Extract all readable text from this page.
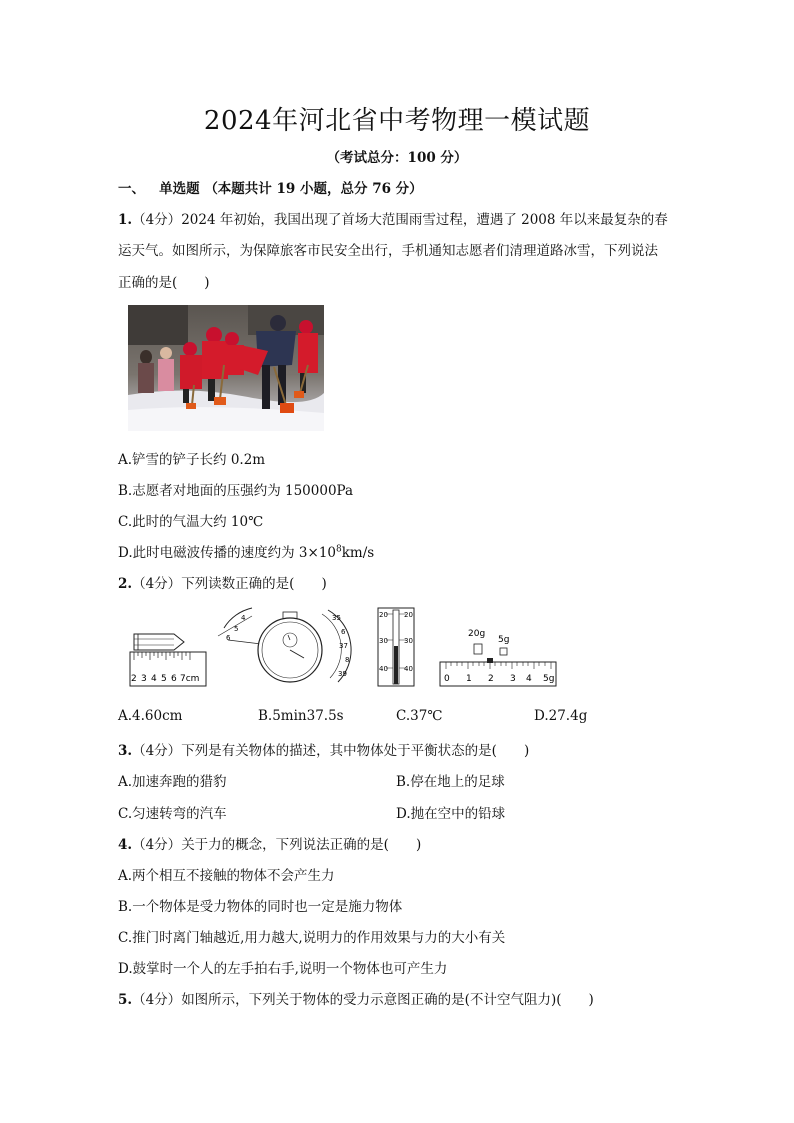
2024年河北省中考物理一模试题
（考试总分：100 分）
一、 单选题 （本题共计 19 小题，总分 76 分）
1.（4分）2024 年初始，我国出现了首场大范围雨雪过程，遭遇了 2008 年以来最复杂的春
运天气。如图所示，为保障旅客市民安全出行，手机通知志愿者们清理道路冰雪，下列说法
正确的是(　　)
A.铲雪的铲子长约 0.2m
B.志愿者对地面的压强约为 150000Pa
C.此时的气温大约 10℃
D.此时电磁波传播的速度约为 $3\times 10^8km/s$
2.（4分）下列读数正确的是(　　)
2 3 4 5 6 7cm
4
5
6
35
6
37
8
39
20
30
40
20
30
40
20g
5g
0 1 2 3 4 5g
A.4.60cm	B.5min37.5s	C.37℃	D.27.4g
3.（4分）下列是有关物体的描述，其中物体处于平衡状态的是(　　)
A.加速奔跑的猎豹	B.停在地上的足球
C.匀速转弯的汽车	D.抛在空中的铅球
4.（4分）关于力的概念，下列说法正确的是(　　)
A.两个相互不接触的物体不会产生力
B.一个物体是受力物体的同时也一定是施力物体
C.推门时离门轴越近,用力越大,说明力的作用效果与力的大小有关
D.鼓掌时一个人的左手拍右手,说明一个物体也可产生力
5.（4分）如图所示，下列关于物体的受力示意图正确的是(不计空气阻力)(　　)
